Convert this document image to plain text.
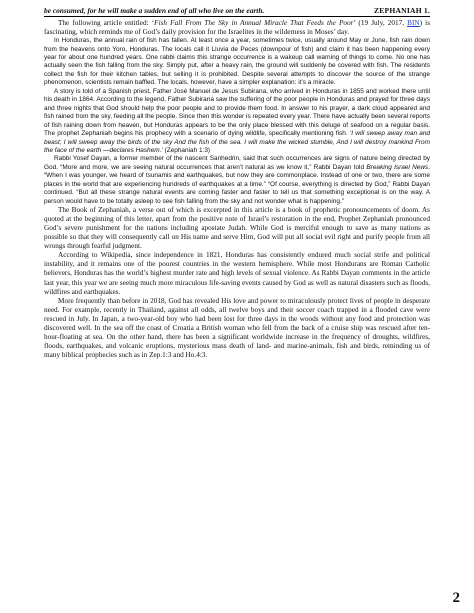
be consumed, for he will make a sudden end of all who live on the earth.	ZEPHANIAH 1.

The following article entitled: ‘Fish Fall From The Sky in Annual Miracle That Feeds the Poor’ (19 July, 2017, BIN) is fascinating, which reminds me of God’s daily provision for the Israelites in the wilderness in Moses’ day.

In Honduras, the annual rain of fish has fallen. At least once a year, sometimes twice, usually around May or June, fish rain down from the heavens onto Yoro, Honduras. The locals call it Lluvia de Peces (downpour of fish) and claim it has been happening every year for about one hundred years. One rabbi claims this strange occurrence is a wakeup call warning of things to come. No one has actually seen the fish falling from the sky. Simply put, after a heavy rain, the ground will suddenly be covered with fish. The residents collect the fish for their kitchen tables, but selling it is prohibited. Despite several attempts to discover the source of the strange phenomenon, scientists remain baffled. The locals, however, have a simpler explanation: it’s a miracle.

A story is told of a Spanish priest, Father José Manuel de Jesus Subirana, who arrived in Honduras in 1855 and worked there until his death in 1864. According to the legend, Father Subirana saw the suffering of the poor people in Honduras and prayed for three days and three nights that God should help the poor people and to provide them food. In answer to his prayer, a dark cloud appeared and fish rained from the sky, feeding all the people. Since then this wonder is repeated every year. There have actually been several reports of fish raining down from heaven, but Honduras appears to be the only place blessed with this deluge of seafood on a regular basis. The prophet Zephaniah begins his prophecy with a scenario of dying wildlife, specifically mentioning fish. ‘I will sweep away man and beast; I will sweep away the birds of the sky And the fish of the sea. I will make the wicked stumble, And I will destroy mankind From the face of the earth —declares Hashem.’ (Zephaniah 1:3)

Rabbi Yosef Dayan, a former member of the nascent Sanhedrin, said that such occurrences are signs of nature being directed by God. “More and more, we are seeing natural occurrences that aren’t natural as we know it,” Rabbi Dayan told Breaking Israel News. “When I was younger, we heard of tsunamis and earthquakes, but now they are commonplace. Instead of one or two, there are some places in the world that are experiencing hundreds of earthquakes at a time.” “Of course, everything is directed by God,” Rabbi Dayan continued. “But all these strange natural events are coming faster and faster to tell us that something exceptional is on the way. A person would have to be totally asleep to see fish falling from the sky and not wonder what is happening.”

The Book of Zephaniah, a verse out of which is excerpted in this article is a book of prophetic pronouncements of doom. As quoted at the beginning of this letter, apart from the positive note of Israel’s restoration in the end, Prophet Zephaniah pronounced God’s severe punishment for the nations including apostate Judah. While God is merciful enough to save as many nations as possible so that they will consequently call on His name and serve Him, God will put all social evil right and purify people from all wrongs through fearful judgment.

According to Wikipedia, since independence in 1821, Honduras has consistently endured much social strife and political instability, and it remains one of the poorest countries in the western hemisphere. While most Hondurans are Roman Catholic believers, Honduras has the world’s highest murder rate and high levels of sexual violence. As Rabbi Dayan comments in the article last year, this year we are seeing much more miraculous life-saving events caused by God as well as natural disasters such as floods, wildfires and earthquakes.

More frequently than before in 2018, God has revealed His love and power to miraculously protect lives of people in desperate need. For example, recently in Thailand, against all odds, all twelve boys and their soccer coach trapped in a flooded cave were rescued in July. In Japan, a two-year-old boy who had been lost for three days in the woods without any food and protection was discovered well. In the sea off the coast of Croatia a British woman who fell from the back of a cruise ship was rescued after ten-hour-floating at sea. On the other hand, there has been a significant worldwide increase in the frequency of droughts, wildfires, floods, earthquakes, and volcanic eruptions, mysterious mass death of land- and marine-animals, fish and birds, reminding us of many biblical prophecies such as in Zep.1:3 and Ho.4:3.

2
